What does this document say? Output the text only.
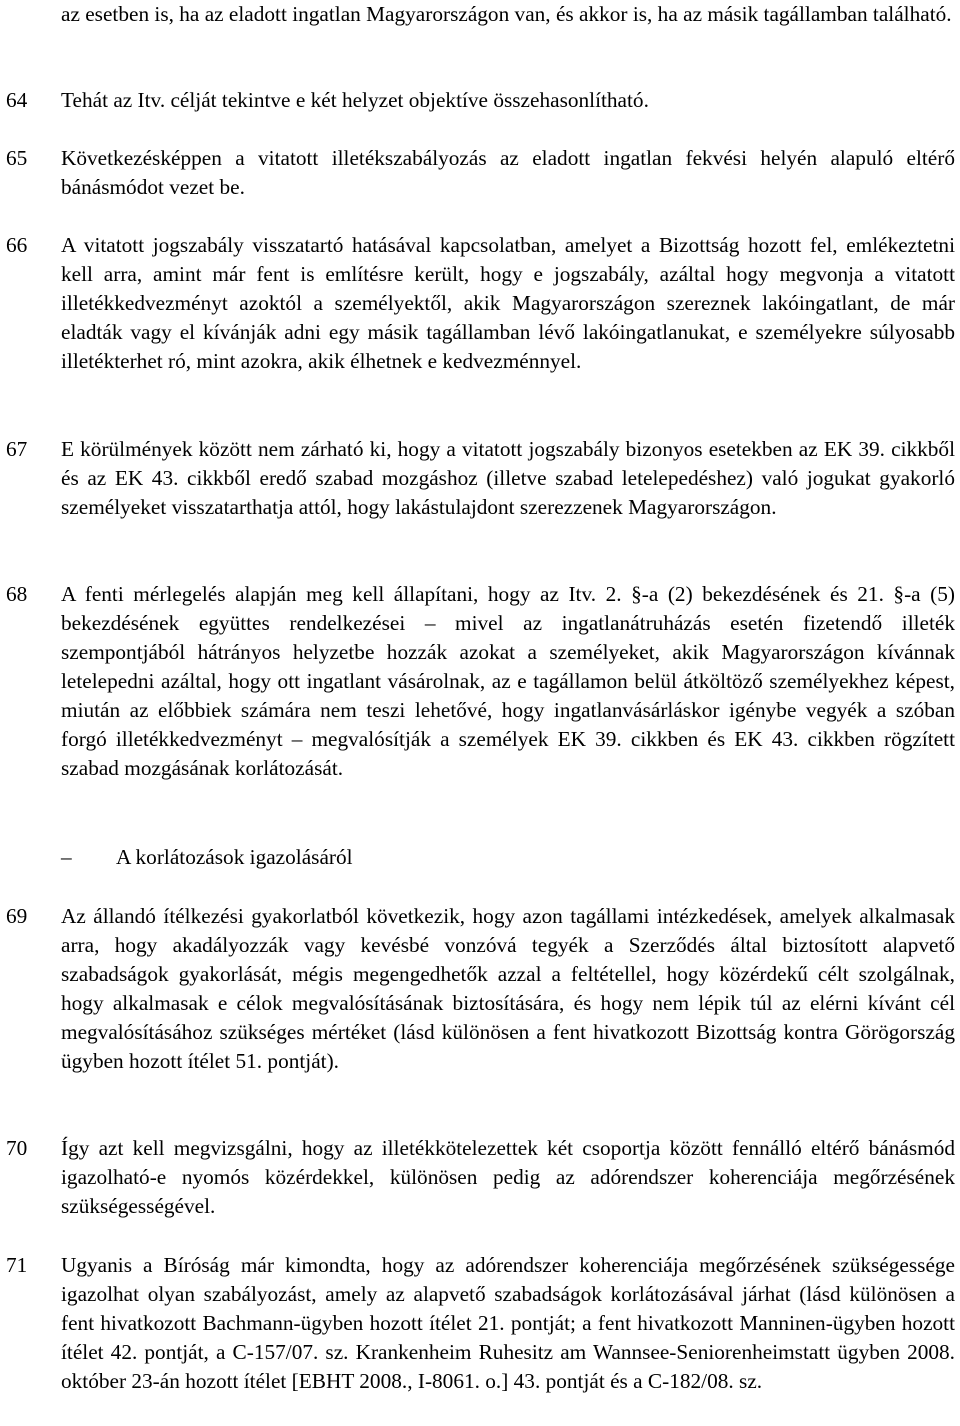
az esetben is, ha az eladott ingatlan Magyarországon van, és akkor is, ha az másik tagállamban található.
64	Tehát az Itv. célját tekintve e két helyzet objektíve összehasonlítható.
65	Következésképpen a vitatott illetékszabályozás az eladott ingatlan fekvési helyén alapuló eltérő bánásmódot vezet be.
66	A vitatott jogszabály visszatartó hatásával kapcsolatban, amelyet a Bizottság hozott fel, emlékeztetni kell arra, amint már fent is említésre került, hogy e jogszabály, azáltal hogy megvonja a vitatott illetékkedvezményt azoktól a személyektől, akik Magyarországon szereznek lakóingatlant, de már eladták vagy el kívánják adni egy másik tagállamban lévő lakóingatlanukat, e személyekre súlyosabb illetékterhet ró, mint azokra, akik élhetnek e kedvezménnyel.
67	E körülmények között nem zárható ki, hogy a vitatott jogszabály bizonyos esetekben az EK 39. cikkből és az EK 43. cikkből eredő szabad mozgáshoz (illetve szabad letelepedéshez) való jogukat gyakorló személyeket visszatarthatja attól, hogy lakástulajdont szerezzenek Magyarországon.
68	A fenti mérlegelés alapján meg kell állapítani, hogy az Itv. 2. §-a (2) bekezdésének és 21. §-a (5) bekezdésének együttes rendelkezései – mivel az ingatlanátruházás esetén fizetendő illeték szempontjából hátrányos helyzetbe hozzák azokat a személyeket, akik Magyarországon kívánnak letelepedni azáltal, hogy ott ingatlant vásárolnak, az e tagállamon belül átköltöző személyekhez képest, miután az előbbiek számára nem teszi lehetővé, hogy ingatlanvásárláskor igénybe vegyék a szóban forgó illetékkedvezményt – megvalósítják a személyek EK 39. cikkben és EK 43. cikkben rögzített szabad mozgásának korlátozását.
– A korlátozások igazolásáról
69	Az állandó ítélkezési gyakorlatból következik, hogy azon tagállami intézkedések, amelyek alkalmasak arra, hogy akadályozzák vagy kevésbé vonzóvá tegyék a Szerződés által biztosított alapvető szabadságok gyakorlását, mégis megengedhetők azzal a feltétellel, hogy közérdekű célt szolgálnak, hogy alkalmasak e célok megvalósításának biztosítására, és hogy nem lépik túl az elérni kívánt cél megvalósításához szükséges mértéket (lásd különösen a fent hivatkozott Bizottság kontra Görögország ügyben hozott ítélet 51. pontját).
70	Így azt kell megvizsgálni, hogy az illetékkötelezettek két csoportja között fennálló eltérő bánásmód igazolható-e nyomós közérdekkel, különösen pedig az adórendszer koherenciája megőrzésének szükségességével.
71	Ugyanis a Bíróság már kimondta, hogy az adórendszer koherenciája megőrzésének szükségessége igazolhat olyan szabályozást, amely az alapvető szabadságok korlátozásával járhat (lásd különösen a fent hivatkozott Bachmann-ügyben hozott ítélet 21. pontját; a fent hivatkozott Manninen-ügyben hozott ítélet 42. pontját, a C-157/07. sz. Krankenheim Ruhesitz am Wannsee-Seniorenheimstatt ügyben 2008. október 23-án hozott ítélet [EBHT 2008., I-8061. o.] 43. pontját és a C-182/08. sz.
